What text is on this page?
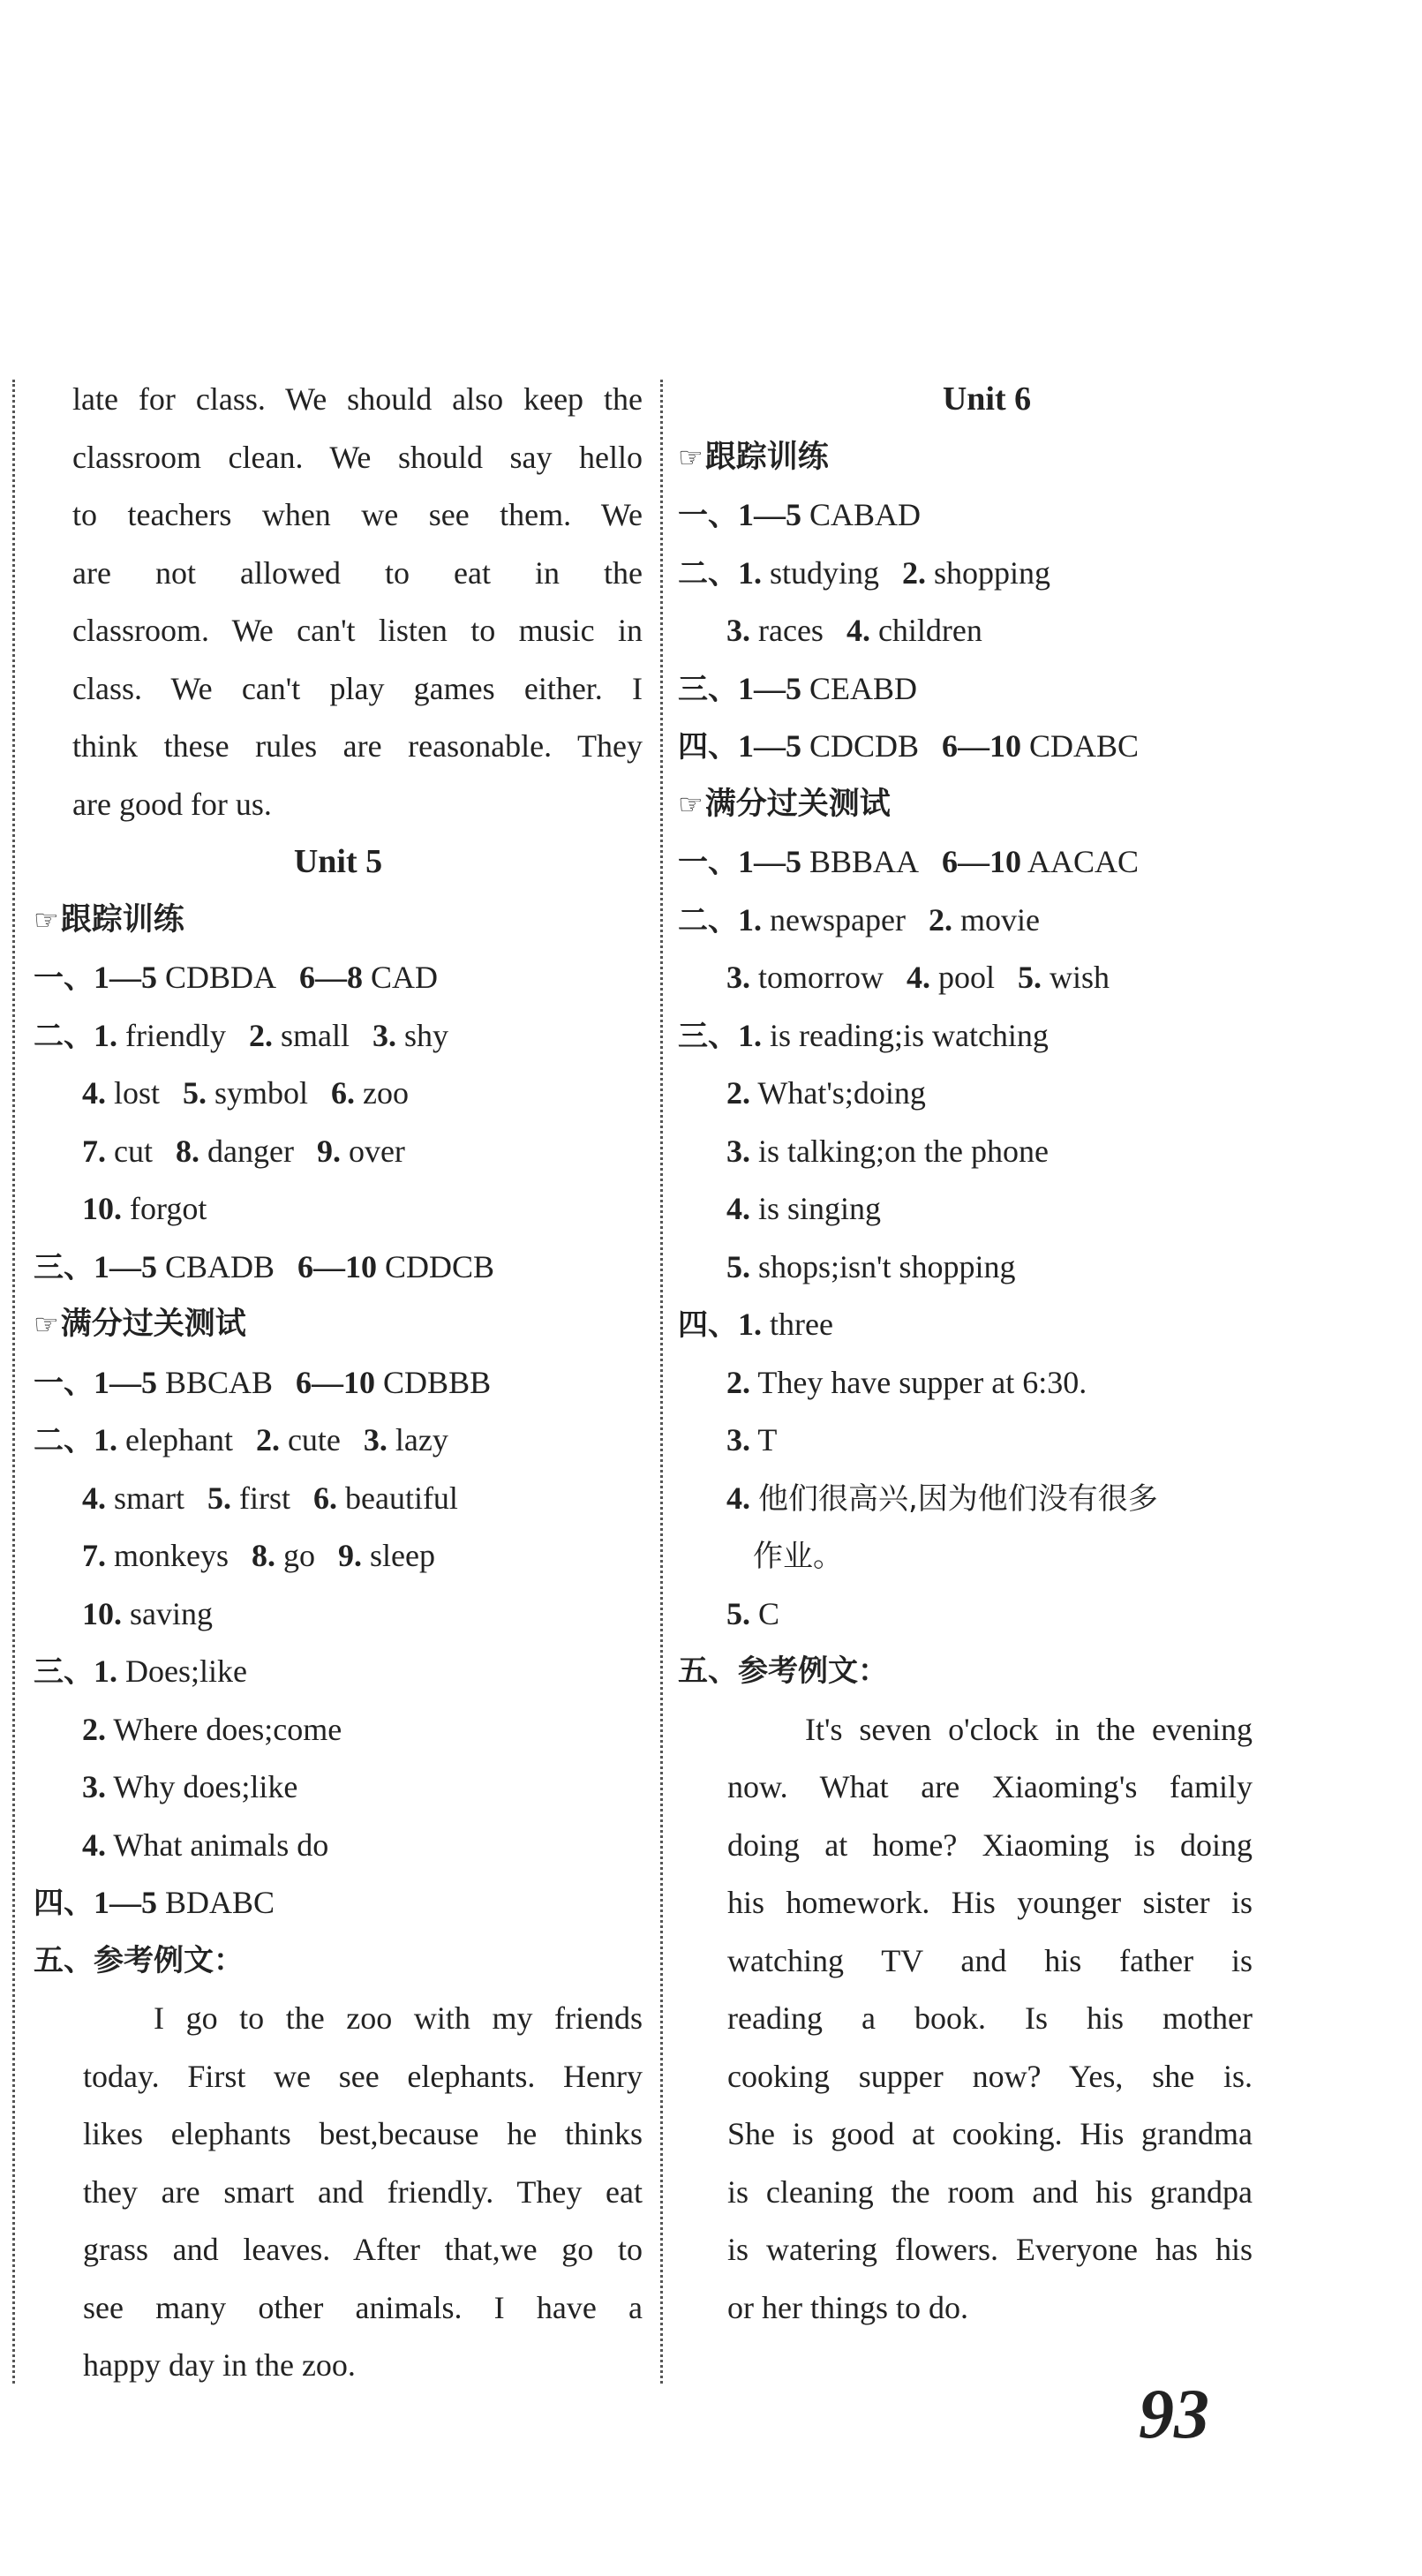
late for class. We should also keep the
classroom clean. We should say hello
to teachers when we see them. We
are not allowed to eat in the
classroom. We can't listen to music in
class. We can't play games either. I
think these rules are reasonable. They
are good for us.
Unit 5
☞跟踪训练
一、1—5 CDBDA 6—8 CAD
二、1. friendly 2. small 3. shy
4. lost 5. symbol 6. zoo
7. cut 8. danger 9. over
10. forgot
三、1—5 CBADB 6—10 CDDCB
☞满分过关测试
一、1—5 BBCAB 6—10 CDBBB
二、1. elephant 2. cute 3. lazy
4. smart 5. first 6. beautiful
7. monkeys 8. go 9. sleep
10. saving
三、1. Does;like
2. Where does;come
3. Why does;like
4. What animals do
四、1—5 BDABC
五、参考例文：
I go to the zoo with my friends
today. First we see elephants. Henry
likes elephants best,because he thinks
they are smart and friendly. They eat
grass and leaves. After that,we go to
see many other animals. I have a
happy day in the zoo.
Unit 6
☞跟踪训练
一、1—5 CABAD
二、1. studying 2. shopping
3. races 4. children
三、1—5 CEABD
四、1—5 CDCDB 6—10 CDABC
☞满分过关测试
一、1—5 BBBAA 6—10 AACAC
二、1. newspaper 2. movie
3. tomorrow 4. pool 5. wish
三、1. is reading;is watching
2. What's;doing
3. is talking;on the phone
4. is singing
5. shops;isn't shopping
四、1. three
2. They have supper at 6:30.
3. T
4. 他们很高兴,因为他们没有很多
作业。
5. C
五、参考例文：
It's seven o'clock in the evening
now. What are Xiaoming's family
doing at home? Xiaoming is doing
his homework. His younger sister is
watching TV and his father is
reading a book. Is his mother
cooking supper now? Yes, she is.
She is good at cooking. His grandma
is cleaning the room and his grandpa
is watering flowers. Everyone has his
or her things to do.
93
